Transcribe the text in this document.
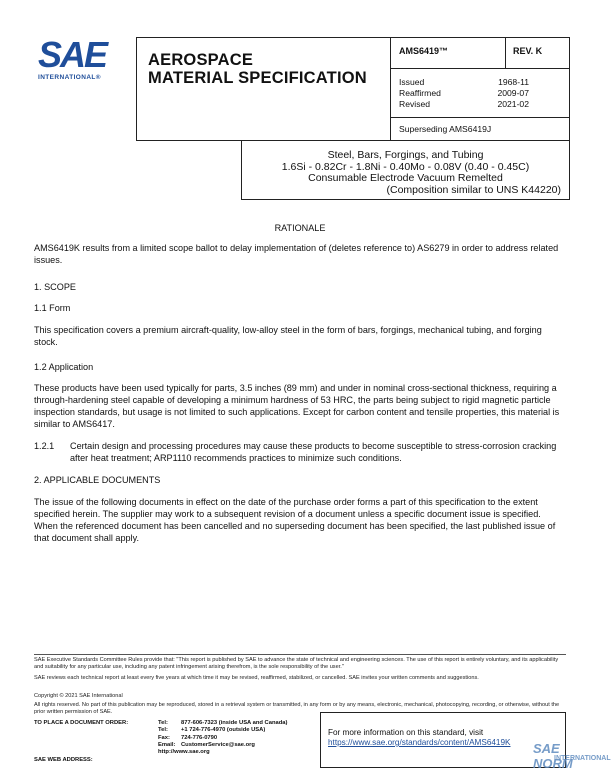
SAE
INTERNATIONAL®
AEROSPACE
MATERIAL SPECIFICATION
AMS6419™	REV. K
Issued	1968-11
Reaffirmed	2009-07
Revised	2021-02
Superseding AMS6419J
Steel, Bars, Forgings, and Tubing
1.6Si - 0.82Cr - 1.8Ni - 0.40Mo - 0.08V (0.40 - 0.45C)
Consumable Electrode Vacuum Remelted
(Composition similar to UNS K44220)
RATIONALE
AMS6419K results from a limited scope ballot to delay implementation of (deletes reference to) AS6279 in order to address related issues.
1. SCOPE
1.1 Form
This specification covers a premium aircraft-quality, low-alloy steel in the form of bars, forgings, mechanical tubing, and forging stock.
1.2 Application
These products have been used typically for parts, 3.5 inches (89 mm) and under in nominal cross-sectional thickness, requiring a through-hardening steel capable of developing a minimum hardness of 53 HRC, the parts being subject to rigid magnetic particle inspection standards, but usage is not limited to such applications. Except for carbon content and tensile properties, this material is similar to AMS6417.
1.2.1	Certain design and processing procedures may cause these products to become susceptible to stress-corrosion cracking after heat treatment; ARP1110 recommends practices to minimize such conditions.
2. APPLICABLE DOCUMENTS
The issue of the following documents in effect on the date of the purchase order forms a part of this specification to the extent specified herein. The supplier may work to a subsequent revision of a document unless a specific document issue is specified. When the referenced document has been cancelled and no superseding document has been specified, the last published issue of that document shall apply.
SAE Executive Standards Committee Rules provide that: "This report is published by SAE to advance the state of technical and engineering sciences. The use of this report is entirely voluntary, and its applicability and suitability for any particular use, including any patent infringement arising therefrom, is the sole responsibility of the user."
SAE reviews each technical report at least every five years at which time it may be revised, reaffirmed, stabilized, or cancelled. SAE invites your written comments and suggestions.
Copyright © 2021 SAE International
All rights reserved. No part of this publication may be reproduced, stored in a retrieval system or transmitted, in any form or by any means, electronic, mechanical, photocopying, recording, or otherwise, without the prior written permission of SAE.
TO PLACE A DOCUMENT ORDER:	Tel:	877-606-7323 (inside USA and Canada)
Tel:	+1 724-776-4970 (outside USA)
Fax:	724-776-0790
Email: CustomerService@sae.org
http://www.sae.org
SAE WEB ADDRESS:
For more information on this standard, visit
https://www.sae.org/standards/content/AMS6419K	SAE NORM
INTERNATIONAL
